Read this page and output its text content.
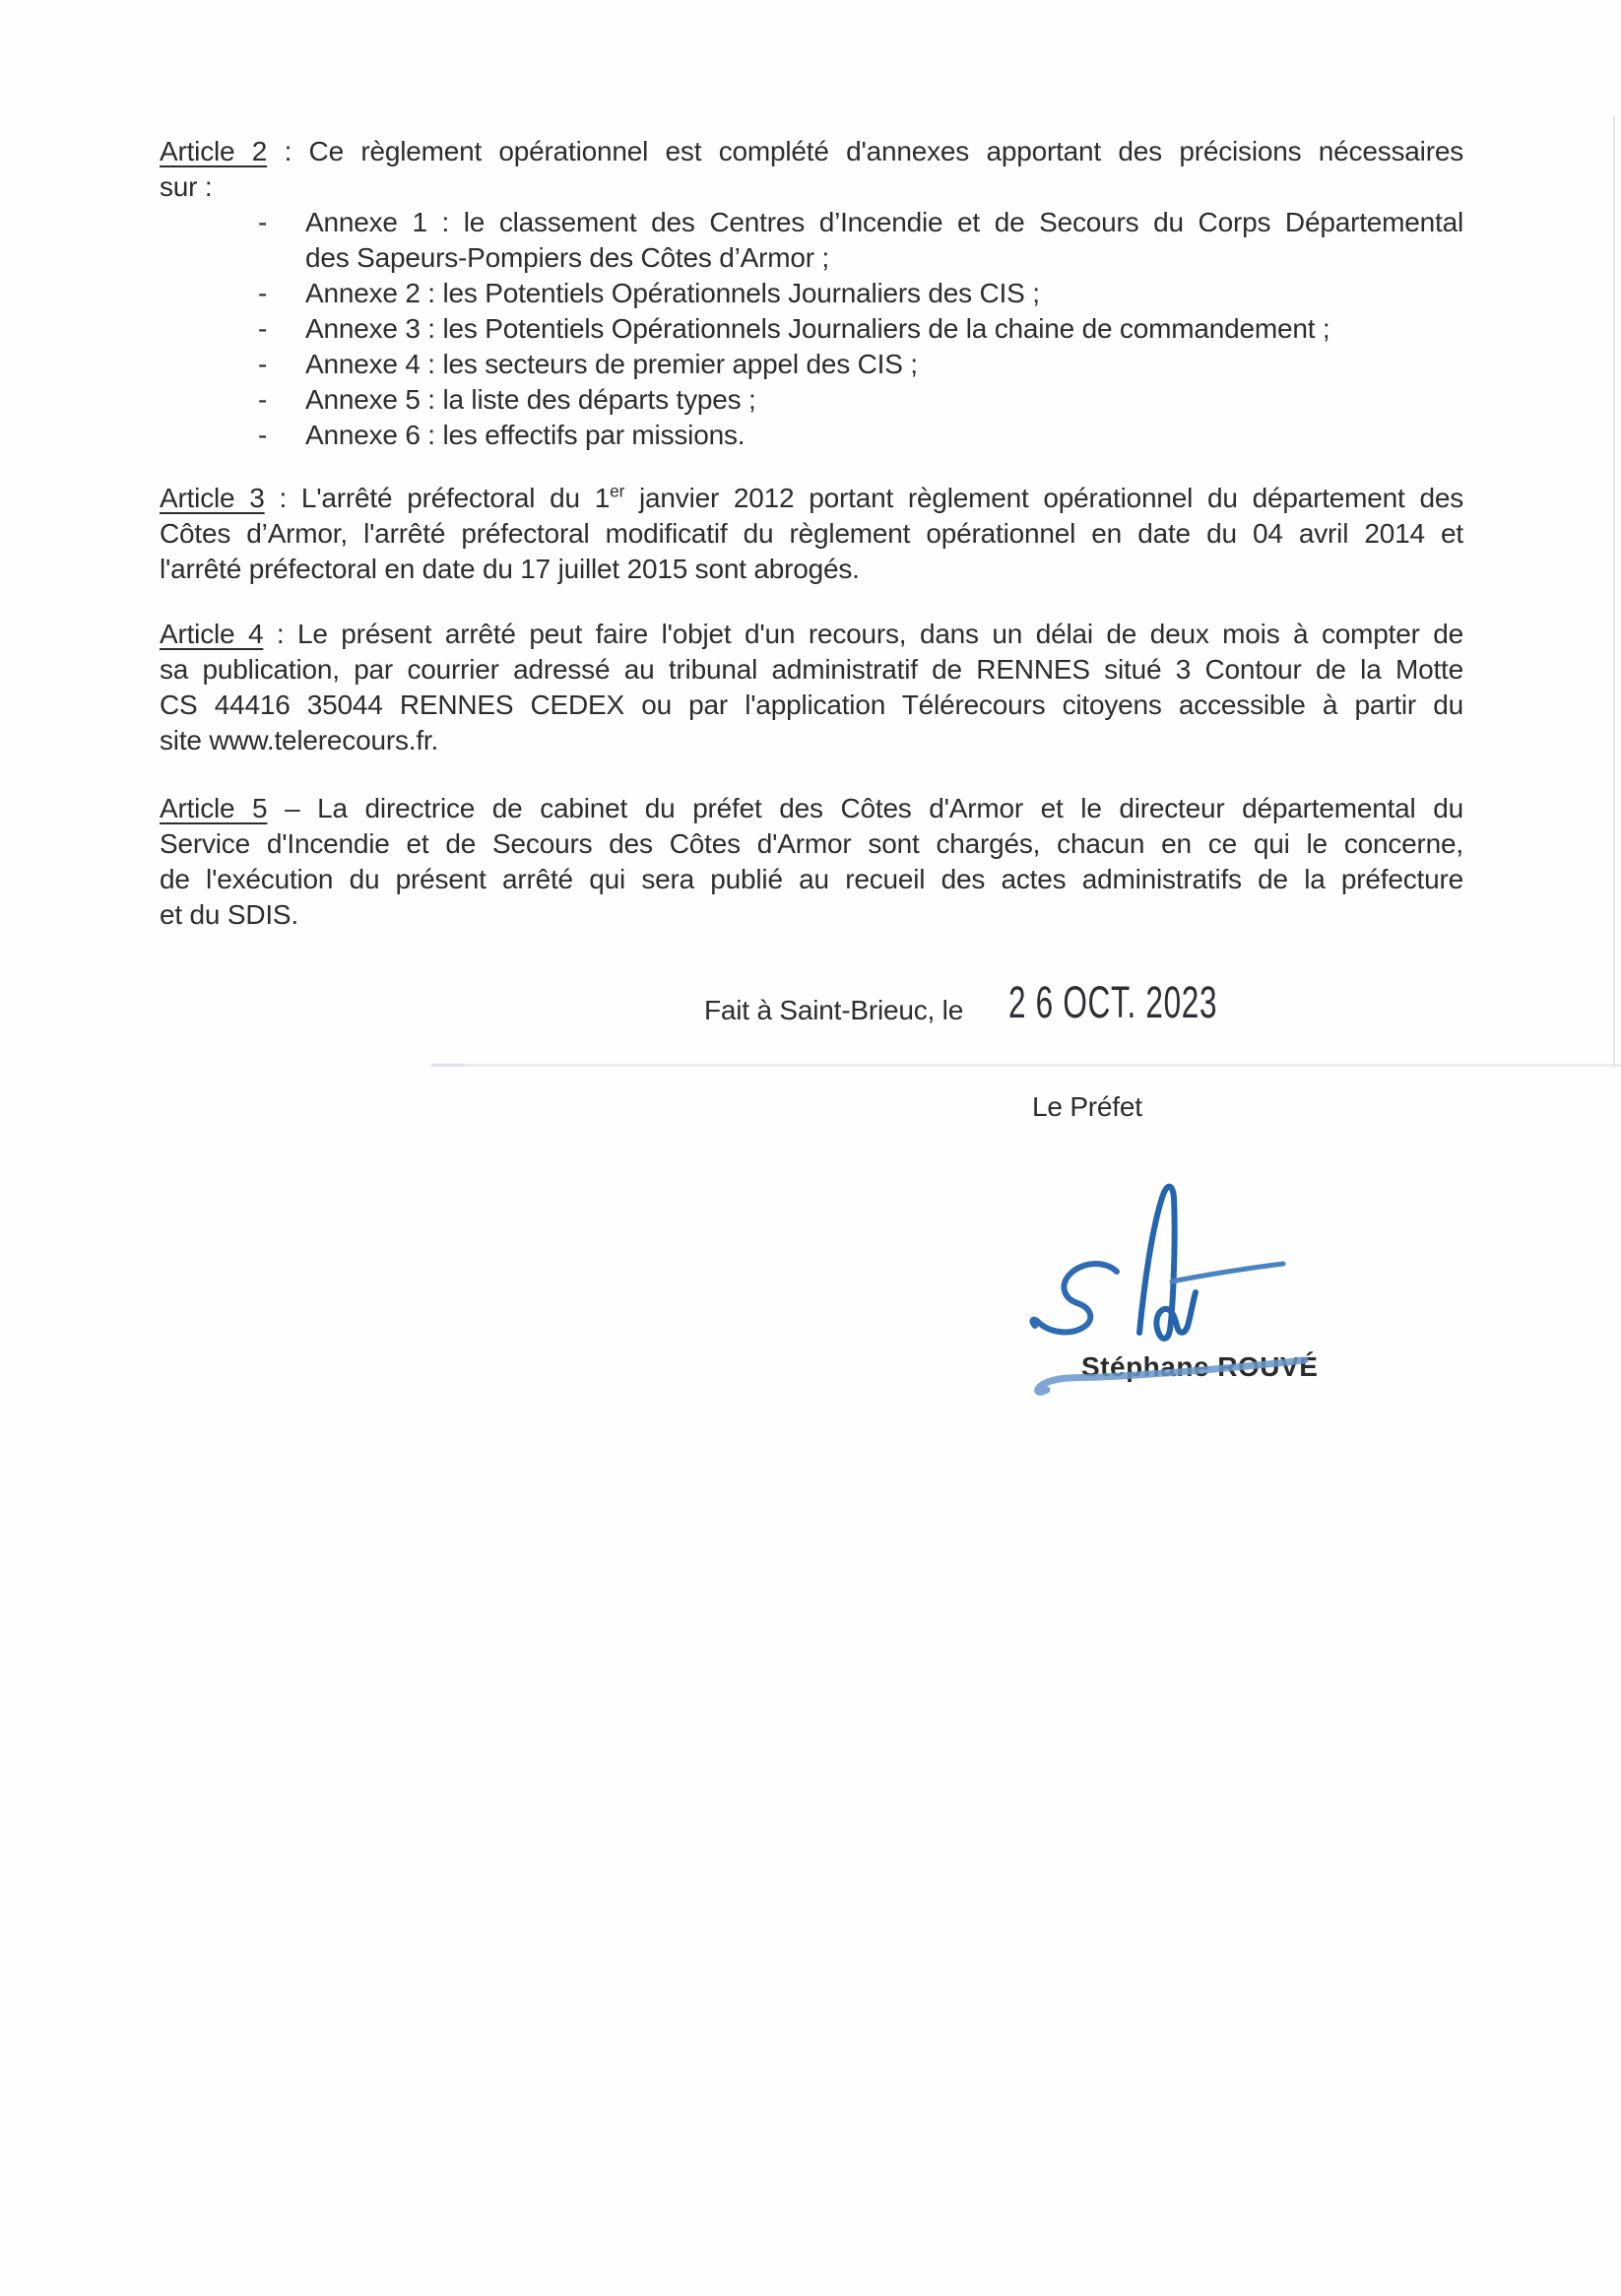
Article 2 : Ce règlement opérationnel est complété d'annexes apportant des précisions nécessaires
sur :
-	Annexe 1 : le classement des Centres d’Incendie et de Secours du Corps Départemental
des Sapeurs-Pompiers des Côtes d’Armor ;
-	Annexe 2 : les Potentiels Opérationnels Journaliers des CIS ;
-	Annexe 3 : les Potentiels Opérationnels Journaliers de la chaine de commandement ;
-	Annexe 4 : les secteurs de premier appel des CIS ;
-	Annexe 5 : la liste des départs types ;
-	Annexe 6 : les effectifs par missions.
Article 3 : L'arrêté préfectoral du 1er janvier 2012 portant règlement opérationnel du département des
Côtes d’Armor, l'arrêté préfectoral modificatif du règlement opérationnel en date du 04 avril 2014 et
l'arrêté préfectoral en date du 17 juillet 2015 sont abrogés.
Article 4 : Le présent arrêté peut faire l'objet d'un recours, dans un délai de deux mois à compter de
sa publication, par courrier adressé au tribunal administratif de RENNES situé 3 Contour de la Motte
CS 44416 35044 RENNES CEDEX ou par l'application Télérecours citoyens accessible à partir du
site www.telerecours.fr.
Article 5 – La directrice de cabinet du préfet des Côtes d'Armor et le directeur départemental du
Service d'Incendie et de Secours des Côtes d'Armor sont chargés, chacun en ce qui le concerne,
de l'exécution du présent arrêté qui sera publié au recueil des actes administratifs de la préfecture
et du SDIS.
Fait à Saint-Brieuc, le 2 6 OCT. 2023
Le Préfet
Stéphane ROUVÉ
